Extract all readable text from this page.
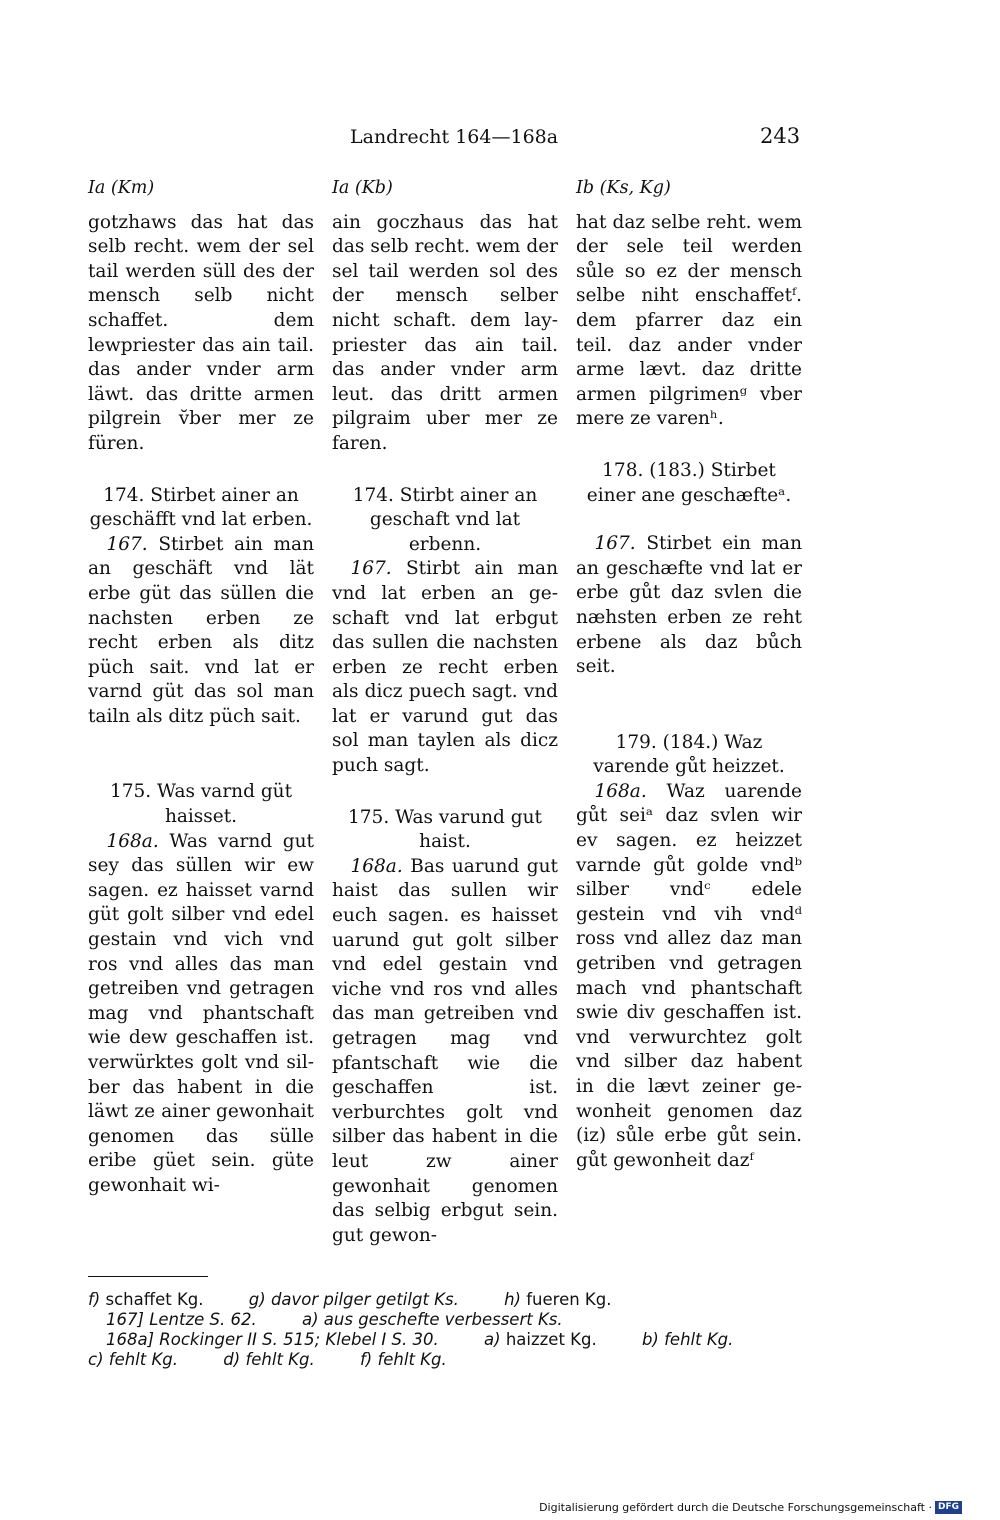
Landrecht 164—168a	243
Ia (Km)
gotzhaws das hat das selb recht. wem der sel tail werden süll des der mensch selb nicht schaffet. dem lewpriester das ain tail. das ander vnder arm läwt. das dritte armen pilgrein v̆ber mer ze füren.
174. Stirbet ainer an geschäfft vnd lat erben.
 167. Stirbet ain man an geschäft vnd lät erbe güt das süllen die nachsten erben ze recht erben als ditz püch sait. vnd lat er varnd güt das sol man tailn als ditz püch sait.
175. Was varnd güt haisset.
 168a. Was varnd gut sey das süllen wir ew sagen. ez haisset varnd güt golt silber vnd edel gestain vnd vich vnd ros vnd alles das man getreiben vnd getragen mag vnd phantschaft wie dew geschaffen ist. verwürktes golt vnd silber das habent in die läwt ze ainer gewonhait genomen das sülle eribe güet sein. güte gewonhait wi-
Ia (Kb)
ain goczhaus das hat das selb recht. wem der sel tail werden sol des der mensch selber nicht schaft. dem laypriester das ain tail. das ander vnder arm leut. das dritt armen pilgraim uber mer ze faren.
174. Stirbt ainer an geschaft vnd lat erbenn.
 167. Stirbt ain man vnd lat erben an geschaft vnd lat erbgut das sullen die nachsten erben ze recht erben als dicz puech sagt. vnd lat er varund gut das sol man taylen als dicz puch sagt.
175. Was varund gut haist.
 168a. Bas uarund gut haist das sullen wir euch sagen. es haisset uarund gut golt silber vnd edel gestain vnd viche vnd ros vnd alles das man getreiben vnd getragen mag vnd pfantschaft wie die geschaffen ist. verburchtes golt vnd silber das habent in die leut zw ainer gewonhait genomen das selbig erbgut sein. gut gewon-
Ib (Ks, Kg)
hat daz selbe reht. wem der sele teil werden sůle so ez der mensch selbe niht enschaffetᶠ. dem pfarrer daz ein teil. daz ander vnder arme lævt. daz dritte armen pilgrimenᵍ vber mere ze varenʰ.
178. (183.) Stirbet einer ane geschæfteᵃ.
 167. Stirbet ein man an geschæfte vnd lat er erbe gůt daz svlen die næhsten erben ze reht erbene als daz bůch seit.
179. (184.) Waz varende gůt heizzet.
 168a. Waz uarende gůt seiᵃ daz svlen wir ev sagen. ez heizzet varnde gůt golde vndᵇ silber vndᶜ edele gestein vnd vih vndᵈ ross vnd allez daz man getriben vnd getragen mach vnd phantschaft swie div geschaffen ist. vnd verwurchtez golt vnd silber daz habent in die lævt zeiner gewonheit genomen daz (iz) sůle erbe gůt sein. gůt gewonheit dazᶠ
f) schaffet Kg.	g) davor pilger getilgt Ks.	h) fueren Kg.
167] Lentze S. 62.	a) aus geschefte verbessert Ks.
168a] Rockinger II S. 515; Klebel I S. 30.	a) haizzet Kg.	b) fehlt Kg.
c) fehlt Kg.	d) fehlt Kg.	f) fehlt Kg.
Digitalisierung gefördert durch die Deutsche Forschungsgemeinschaft · DFG
